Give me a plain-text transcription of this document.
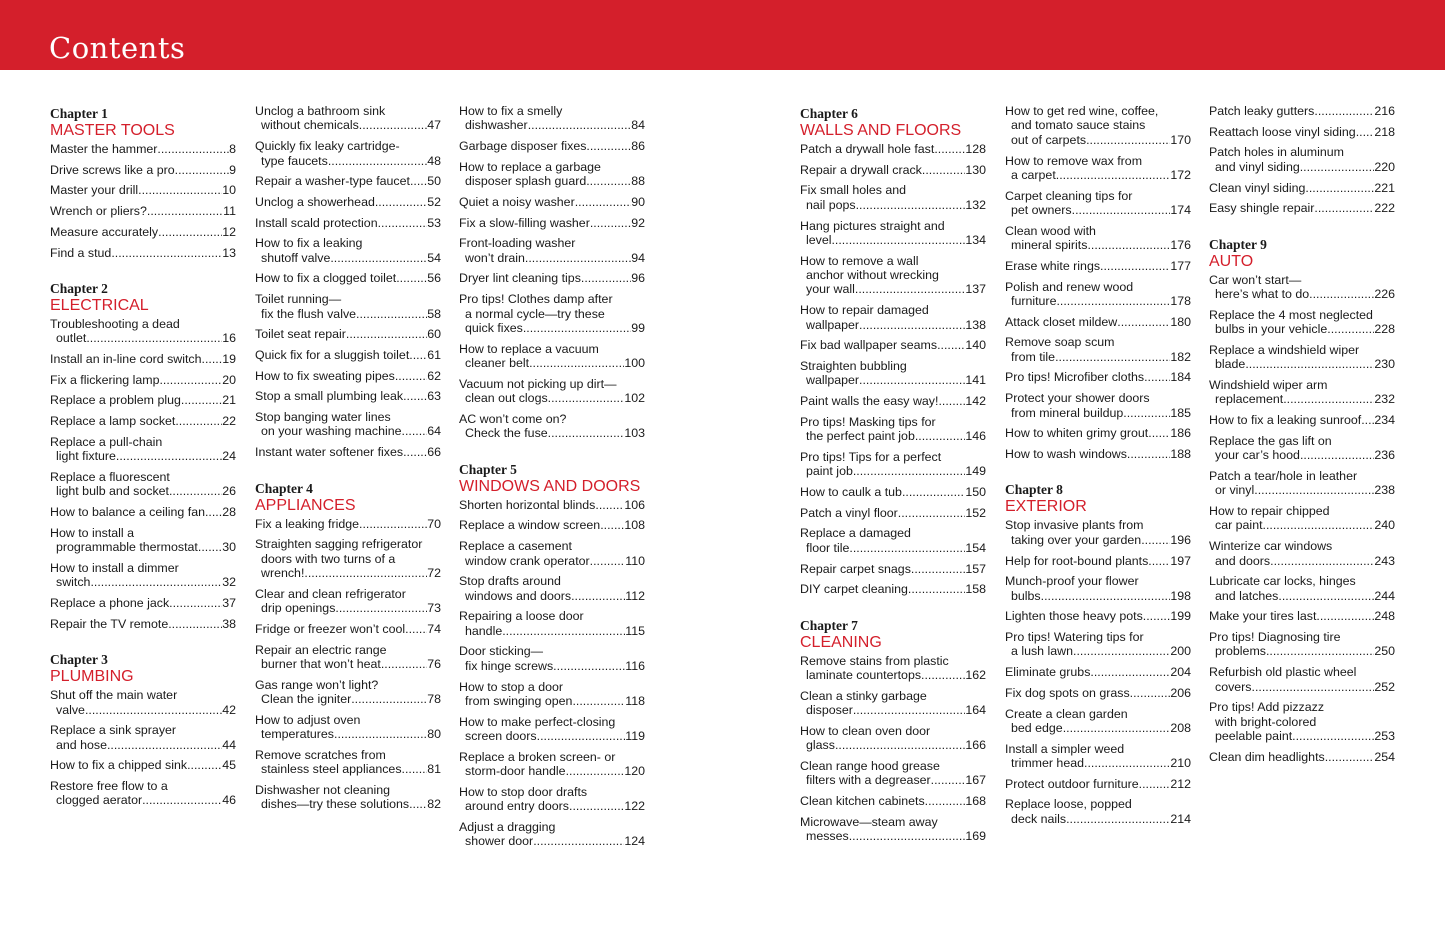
Contents
Chapter 1
MASTER TOOLS
Master the hammer .....	8
Drive screws like a pro .....	9
Master your drill .....	10
Wrench or pliers? .....	11
Measure accurately .....	12
Find a stud .....	13
Chapter 2
ELECTRICAL
Troubleshooting a dead
outlet .....	16
Install an in-line cord switch ..... 19
Fix a flickering lamp .....	20
Replace a problem plug .....	21
Replace a lamp socket .....	22
Replace a pull-chain
light fixture .....	24
Replace a fluorescent
light bulb and socket .....	26
How to balance a ceiling fan ..... 28
How to install a
programmable thermostat ..... 30
How to install a dimmer
switch .....	32
Replace a phone jack .....	37
Repair the TV remote .....	38
Chapter 3
PLUMBING
Shut off the main water
valve .....	42
Replace a sink sprayer
and hose .....	44
How to fix a chipped sink .....	45
Restore free flow to a
clogged aerator .....	46
Unclog a bathroom sink
without chemicals .....	47
Quickly fix leaky cartridge-
type faucets .....	48
Repair a washer-type faucet ..... 50
Unclog a showerhead .....	52
Install scald protection .....	53
How to fix a leaking
shutoff valve .....	54
How to fix a clogged toilet .....	56
Toilet running—
fix the flush valve .....	58
Toilet seat repair .....	60
Quick fix for a sluggish toilet ..... 61
How to fix sweating pipes .....	62
Stop a small plumbing leak ..... 63
Stop banging water lines
on your washing machine ..... 64
Instant water softener fixes ..... 66
Chapter 4
APPLIANCES
Fix a leaking fridge .....	70
Straighten sagging refrigerator
doors with two turns of a
wrench! .....	72
Clear and clean refrigerator
drip openings .....	73
Fridge or freezer won’t cool ..... 74
Repair an electric range
burner that won’t heat .....	76
Gas range won’t light?
Clean the igniter .....	78
How to adjust oven
temperatures .....	80
Remove scratches from
stainless steel appliances ..... 81
Dishwasher not cleaning
dishes—try these solutions ..... 82
How to fix a smelly
dishwasher .....	84
Garbage disposer fixes .....	86
How to replace a garbage
disposer splash guard .....	88
Quiet a noisy washer .....	90
Fix a slow-filling washer .....	92
Front-loading washer
won’t drain .....	94
Dryer lint cleaning tips .....	96
Pro tips! Clothes damp after
a normal cycle—try these
quick fixes .....	99
How to replace a vacuum
cleaner belt .....	100
Vacuum not picking up dirt—
clean out clogs .....	102
AC won’t come on?
Check the fuse .....	103
Chapter 5
WINDOWS AND DOORS
Shorten horizontal blinds ..... 106
Replace a window screen ..... 108
Replace a casement
window crank operator .....	110
Stop drafts around
windows and doors .....	112
Repairing a loose door
handle .....	115
Door sticking—
fix hinge screws .....	116
How to stop a door
from swinging open .....	118
How to make perfect-closing
screen doors .....	119
Replace a broken screen- or
storm-door handle .....	120
How to stop door drafts
around entry doors .....	122
Adjust a dragging
shower door .....	124
Chapter 6
WALLS AND FLOORS
Patch a drywall hole fast .....	128
Repair a drywall crack .....	130
Fix small holes and
nail pops .....	132
Hang pictures straight and
level .....	134
How to remove a wall
anchor without wrecking
your wall .....	137
How to repair damaged
wallpaper .....	138
Fix bad wallpaper seams ..... 140
Straighten bubbling
wallpaper .....	141
Paint walls the easy way! ..... 142
Pro tips! Masking tips for
the perfect paint job .....	146
Pro tips! Tips for a perfect
paint job .....	149
How to caulk a tub .....	150
Patch a vinyl floor .....	152
Replace a damaged
floor tile .....	154
Repair carpet snags .....	157
DIY carpet cleaning .....	158
Chapter 7
CLEANING
Remove stains from plastic
laminate countertops .....	162
Clean a stinky garbage
disposer .....	164
How to clean oven door
glass .....	166
Clean range hood grease
filters with a degreaser .....	167
Clean kitchen cabinets .....	168
Microwave—steam away
messes .....	169
How to get red wine, coffee,
and tomato sauce stains
out of carpets .....	170
How to remove wax from
a carpet .....	172
Carpet cleaning tips for
pet owners .....	174
Clean wood with
mineral spirits .....	176
Erase white rings .....	177
Polish and renew wood
furniture .....	178
Attack closet mildew .....	180
Remove soap scum
from tile .....	182
Pro tips! Microfiber cloths ..... 184
Protect your shower doors
from mineral buildup .....	185
How to whiten grimy grout ..... 186
How to wash windows .....	188
Chapter 8
EXTERIOR
Stop invasive plants from
taking over your garden ..... 196
Help for root-bound plants ..... 197
Munch-proof your flower
bulbs .....	198
Lighten those heavy pots ..... 199
Pro tips! Watering tips for
a lush lawn .....	200
Eliminate grubs .....	204
Fix dog spots on grass .....	206
Create a clean garden
bed edge .....	208
Install a simpler weed
trimmer head .....	210
Protect outdoor furniture .....	212
Replace loose, popped
deck nails .....	214
Patch leaky gutters .....	216
Reattach loose vinyl siding ..... 218
Patch holes in aluminum
and vinyl siding .....	220
Clean vinyl siding .....	221
Easy shingle repair .....	222
Chapter 9
AUTO
Car won’t start—
here’s what to do .....	226
Replace the 4 most neglected
bulbs in your vehicle .....	228
Replace a windshield wiper
blade .....	230
Windshield wiper arm
replacement .....	232
How to fix a leaking sunroof ..... 234
Replace the gas lift on
your car’s hood .....	236
Patch a tear/hole in leather
or vinyl .....	238
How to repair chipped
car paint .....	240
Winterize car windows
and doors .....	243
Lubricate car locks, hinges
and latches .....	244
Make your tires last .....	248
Pro tips! Diagnosing tire
problems .....	250
Refurbish old plastic wheel
covers .....	252
Pro tips! Add pizzazz
with bright-colored
peelable paint .....	253
Clean dim headlights .....	254
